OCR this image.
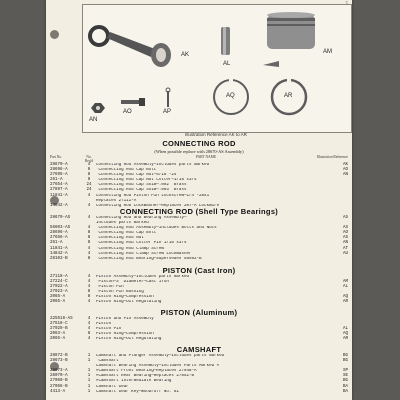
AK
AL
AM
AN
AO	AP
AQ	AR
Illustration Reference AK to AR
CONNECTING ROD
(When possible replace with 28670-AS Assembly)
Part No.	No. Req'd
PART NAME	Illustration Reference
28670-A	4	Connecting Rod Assembly—Includes parts marked *	AK
28696-A	8	*Connecting Rod Cap Bolt	AO
27695-A	8	*Connecting Rod Cap Nut—5/16"-24	AN
261-A	8	*Connecting Rod Cap Nut Cotter—1/16"x3/4"
27654-A	24	*Connecting Rod Cap Shim—.002" Brass
27897-A	24	*Connecting Rod Cap Shim—.003" Brass
11841-A	4	Connecting Rod Piston Pin Lockscrew—1/4"-28x1"
Replaces 27111-A
14842-A	4	Connecting Rod Lockwasher—Replaces 207-A Lockwire
CONNECTING ROD (Shell Type Bearings)
28670-AS	4	Connecting Rod and Bearing Assembly—	AS
Includes parts marked *
56603-AS	4	*Connecting Rod Assembly—Includes Bolts and Nuts	AS
28696-A	8	*Connecting Rod Cap Bolt	AO
27656-A	8	*Connecting Rod Nut	AS
261-A	8	*Connecting Rod Cotter Pin 1/16"x3/4"	AN
11841-A	4	*Connecting Rod Clamp Screw	AT
14842-A	4	*Connecting Rod Clamp Screw Lockwasher	AU
28103-B	8	*Connecting Rod Bearing—Supersedes 56992-B
PISTON (Cast Iron)
27118-A	4	Piston Assembly—Includes parts marked *
27224-C	4	*Piston—3" Diameter—Cast Iron	AM
27022-A	4	*Piston Pin	AL
27023-A	8	*Piston Pin Bushing
2065-A	8	Piston Ring—Compression	AQ
2065-A	4	Piston Ring—Oil Regulating	AR
PISTON (Aluminum)
225516-AS	4	Piston and Pin Assembly
27518-C	4	Piston
27029-B	4	Piston Pin	AL
2063-A	8	Piston Ring—Compression	AQ
2065-A	4	Piston Ring—Oil Regulating	AR
CAMSHAFT
28872-B	1	Camshaft and Plunger Assembly—Includes parts marked *	BG
28673-B	1	*Camshaft	BG
Camshaft Bearing Assembly—Includes Parts Marked #
28073-A	1	#Camshaft Front Bearing—Replaces 27948-A	SP
28070-A	1	#Camshaft Rear Bearing—Replaces 27051-B	SE
27050-B	1	#Camshaft Intermediate Bearing	BG
27056-B	1	Camshaft Gear	BA
4413-A	1	Camshaft Gear Key—Woodruff No. 61	BA
